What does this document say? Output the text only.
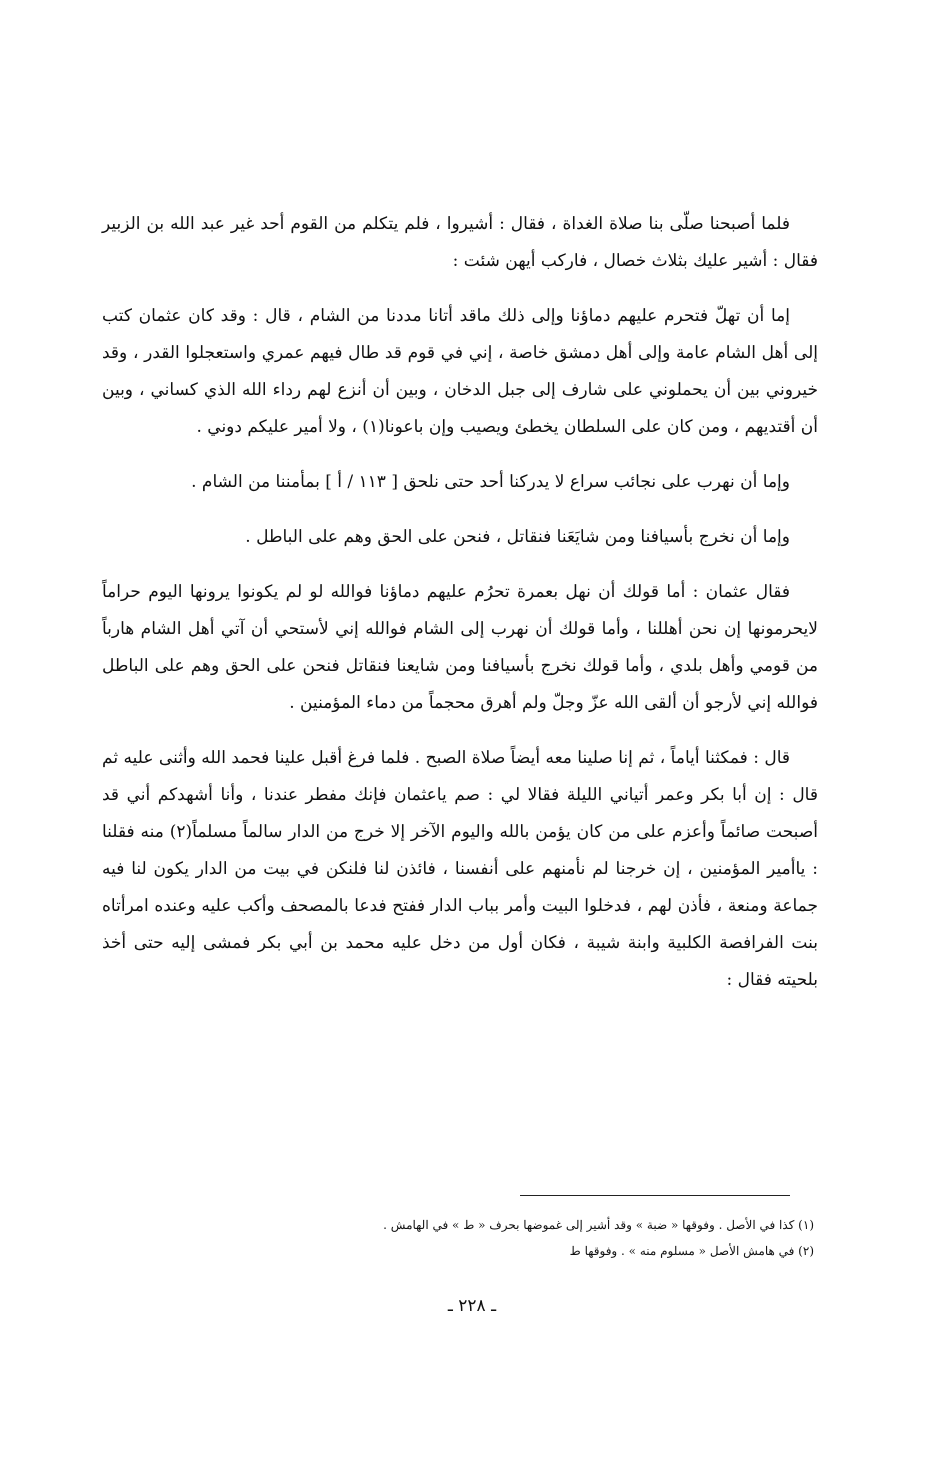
فلما أصبحنا صلّى بنا صلاة الغداة ، فقال : أشيروا ، فلم يتكلم من القوم أحد غير عبد الله بن الزبير فقال : أشير عليك بثلاث خصال ، فاركب أيهن شئت :

إما أن تهلّ فتحرم عليهم دماؤنا وإلى ذلك ماقد أتانا مددنا من الشام ، قال : وقد كان عثمان كتب إلى أهل الشام عامة وإلى أهل دمشق خاصة ، إني في قوم قد طال فيهم عمري واستعجلوا القدر ، وقد خيروني بين أن يحملوني على شارف إلى جبل الدخان ، وبين أن أنزع لهم رداء الله الذي كساني ، وبين أن أقتديهم ، ومن كان على السلطان يخطئ ويصيب وإن باعونا(١) ، ولا أمير عليكم دوني .

وإما أن نهرب على نجائب سراع لا يدركنا أحد حتى نلحق [ ١١٣ / أ ] بمأمننا من الشام .

وإما أن نخرج بأسيافنا ومن شايَعَنا فنقاتل ، فنحن على الحق وهم على الباطل .

فقال عثمان : أما قولك أن نهل بعمرة تحرُم عليهم دماؤنا فوالله لو لم يكونوا يرونها اليوم حراماً لايحرمونها إن نحن أهللنا ، وأما قولك أن نهرب إلى الشام فوالله إني لأستحي أن آتي أهل الشام هارباً من قومي وأهل بلدي ، وأما قولك نخرج بأسيافنا ومن شايعنا فنقاتل فنحن على الحق وهم على الباطل فوالله إني لأرجو أن ألقى الله عزّ وجلّ ولم أهرق محجماً من دماء المؤمنين .

قال : فمكثنا أياماً ، ثم إنا صلينا معه أيضاً صلاة الصبح . فلما فرغ أقبل علينا فحمد الله وأثنى عليه ثم قال : إن أبا بكر وعمر أتياني الليلة فقالا لي : صم ياعثمان فإنك مفطر عندنا ، وأنا أشهدكم أني قد أصبحت صائماً وأعزم على من كان يؤمن بالله واليوم الآخر إلا خرج من الدار سالماً مسلماً(٢) منه فقلنا : ياأمير المؤمنين ، إن خرجنا لم نأمنهم على أنفسنا ، فائذن لنا فلنكن في بيت من الدار يكون لنا فيه جماعة ومنعة ، فأذن لهم ، فدخلوا البيت وأمر بباب الدار ففتح فدعا بالمصحف وأكب عليه وعنده امرأتاه بنت الفرافصة الكلبية وابنة شيبة ، فكان أول من دخل عليه محمد بن أبي بكر فمشى إليه حتى أخذ بلحيته فقال :

(١) كذا في الأصل . وفوقها « ضبة » وقد أشير إلى غموضها بحرف « ط » في الهامش .

(٢) في هامش الأصل « مسلوم منه » . وفوقها ط

ـ ٢٢٨ ـ
